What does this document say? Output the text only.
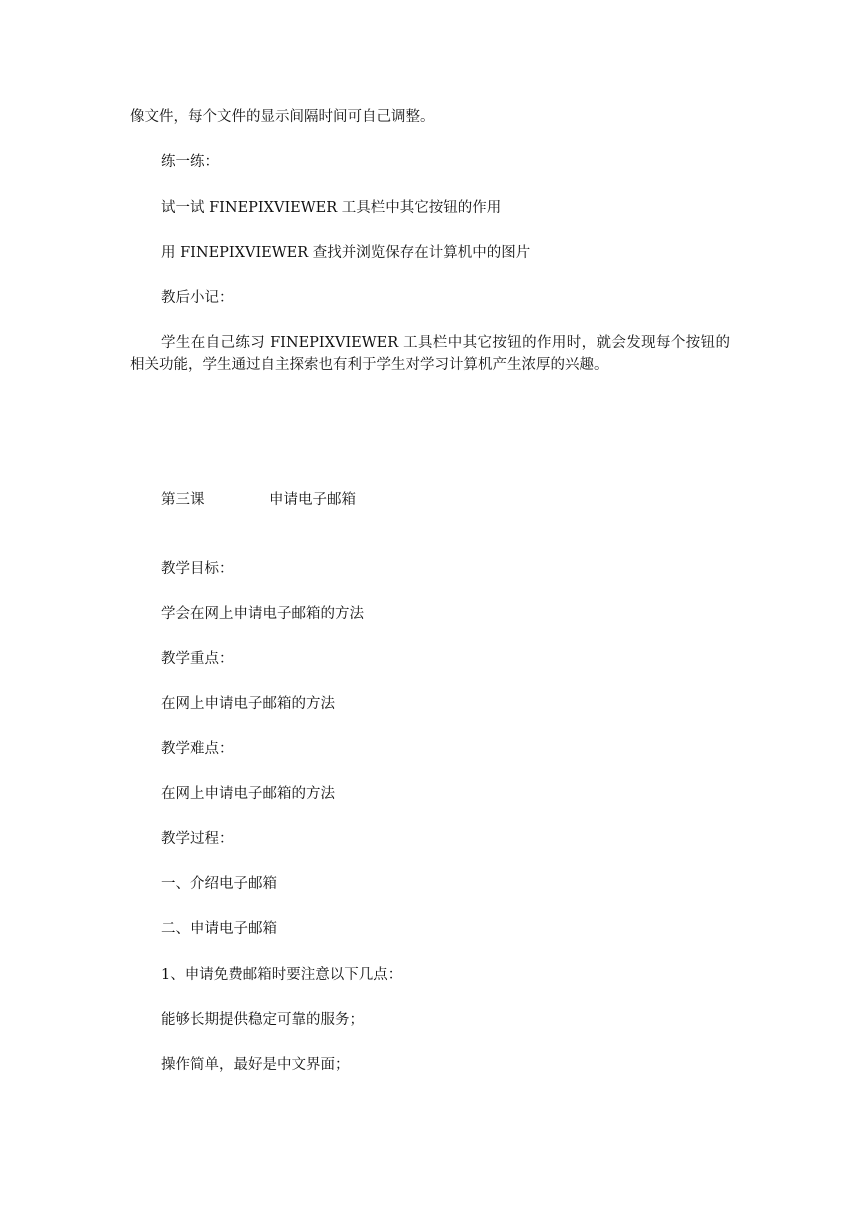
像文件，每个文件的显示间隔时间可自己调整。
练一练：
试一试 FINEPIXVIEWER 工具栏中其它按钮的作用
用 FINEPIXVIEWER 查找并浏览保存在计算机中的图片
教后小记：
学生在自己练习 FINEPIXVIEWER 工具栏中其它按钮的作用时，就会发现每个按钮的相关功能，学生通过自主探索也有利于学生对学习计算机产生浓厚的兴趣。
第三课	申请电子邮箱
教学目标：
学会在网上申请电子邮箱的方法
教学重点：
在网上申请电子邮箱的方法
教学难点：
在网上申请电子邮箱的方法
教学过程：
一、介绍电子邮箱
二、申请电子邮箱
1、申请免费邮箱时要注意以下几点：
能够长期提供稳定可靠的服务；
操作简单，最好是中文界面；
